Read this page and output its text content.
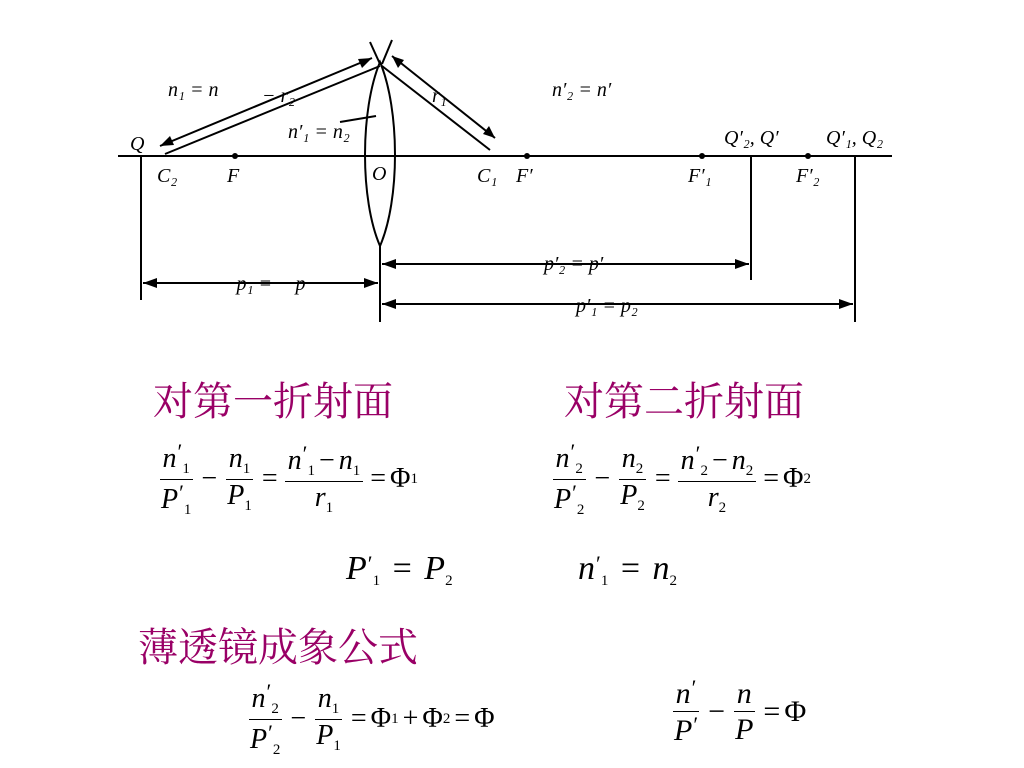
n₁ = n − r₂
n′₁ = n₂
r₁	n′₂ = n′
Q
C₂ F	O	C₁ F′	F′₁	F′₂
Q′₂, Q′ Q′₁, Q₂
p′₂ = p′
− p₁ = − p
p′₁ = p₂
对第一折射面	对第二折射面
薄透镜成象公式
$\frac{n'_1}{P'_1} - \frac{n_1}{P_1} = \frac{n'_1 - n_1}{r_1} = \Phi$ 1	$\frac{n'_2}{P'_2} - \frac{n_2}{P_2} = \frac{n'_2 - n_2}{r_2} = \Phi$ 2
$P'_1 = P_2$	$n'_1 = n_2$
$\frac{n'_2}{P'_2} - \frac{n_1}{P_1} = \Phi$ 1 + Φ 2 = Φ	$\frac{n'}{P'} - \frac{n}{P} = \Phi$
